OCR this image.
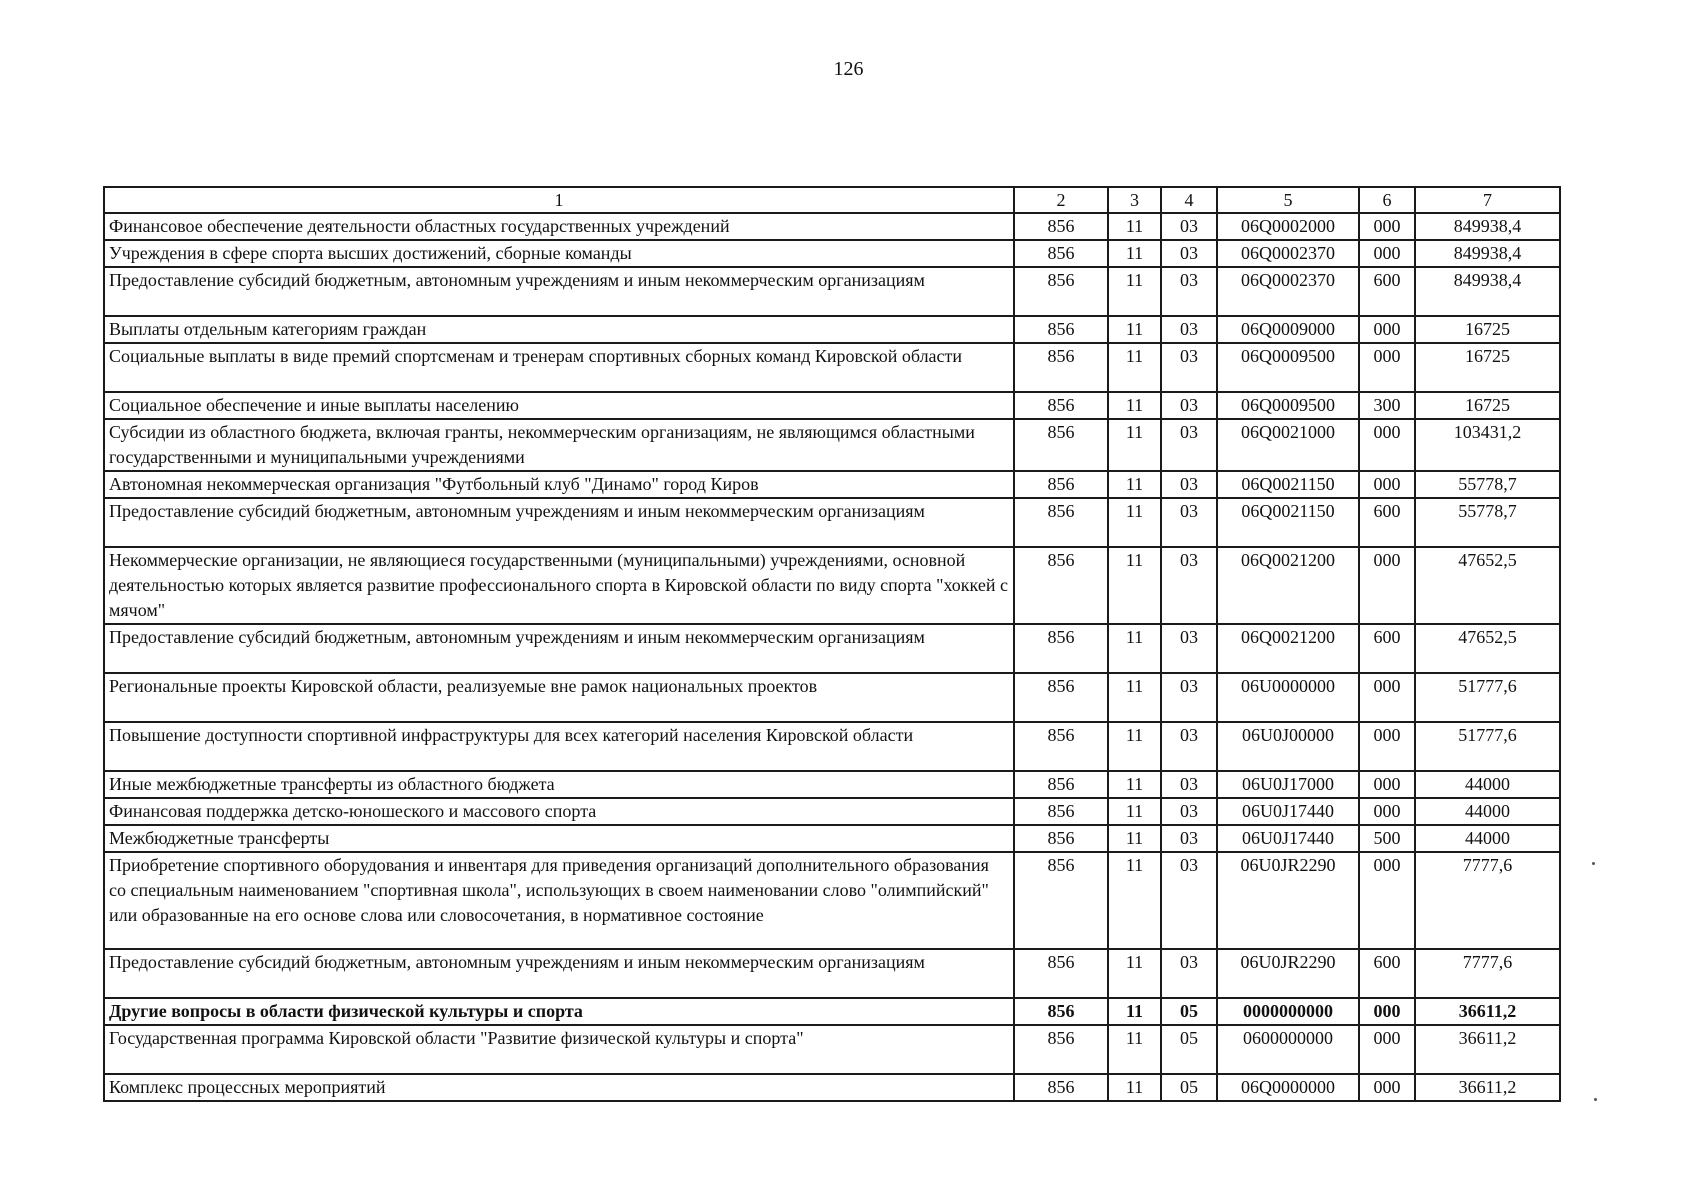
126
1	2	3	4	5	6	7
Финансовое обеспечение деятельности областных государственных учреждений	856	11	03	06Q0002000	000	849938,4
Учреждения в сфере спорта высших достижений, сборные команды	856	11	03	06Q0002370	000	849938,4
Предоставление субсидий бюджетным, автономным учреждениям и иным некоммерческим организациям	856	11	03	06Q0002370	600	849938,4
Выплаты отдельным категориям граждан	856	11	03	06Q0009000	000	16725
Социальные выплаты в виде премий спортсменам и тренерам спортивных сборных команд Кировской области	856	11	03	06Q0009500	000	16725
Социальное обеспечение и иные выплаты населению	856	11	03	06Q0009500	300	16725
Субсидии из областного бюджета, включая гранты, некоммерческим организациям, не являющимся областными государственными и муниципальными учреждениями	856	11	03	06Q0021000	000	103431,2
Автономная некоммерческая организация "Футбольный клуб "Динамо" город Киров	856	11	03	06Q0021150	000	55778,7
Предоставление субсидий бюджетным, автономным учреждениям и иным некоммерческим организациям	856	11	03	06Q0021150	600	55778,7
Некоммерческие организации, не являющиеся государственными (муниципальными) учреждениями, основной деятельностью которых является развитие профессионального спорта в Кировской области по виду спорта "хоккей с мячом"	856	11	03	06Q0021200	000	47652,5
Предоставление субсидий бюджетным, автономным учреждениям и иным некоммерческим организациям	856	11	03	06Q0021200	600	47652,5
Региональные проекты Кировской области, реализуемые вне рамок национальных проектов	856	11	03	06U0000000	000	51777,6
Повышение доступности спортивной инфраструктуры для всех категорий населения Кировской области	856	11	03	06U0J00000	000	51777,6
Иные межбюджетные трансферты из областного бюджета	856	11	03	06U0J17000	000	44000
Финансовая поддержка детско-юношеского и массового спорта	856	11	03	06U0J17440	000	44000
Межбюджетные трансферты	856	11	03	06U0J17440	500	44000
Приобретение спортивного оборудования и инвентаря для приведения организаций дополнительного образования со специальным наименованием "спортивная школа", использующих в своем наименовании слово "олимпийский" или образованные на его основе слова или словосочетания, в нормативное состояние	856	11	03	06U0JR2290	000	7777,6
Предоставление субсидий бюджетным, автономным учреждениям и иным некоммерческим организациям	856	11	03	06U0JR2290	600	7777,6
Другие вопросы в области физической культуры и спорта	856	11	05	0000000000	000	36611,2
Государственная программа Кировской области "Развитие физической культуры и спорта"	856	11	05	0600000000	000	36611,2
Комплекс процессных мероприятий	856	11	05	06Q0000000	000	36611,2
